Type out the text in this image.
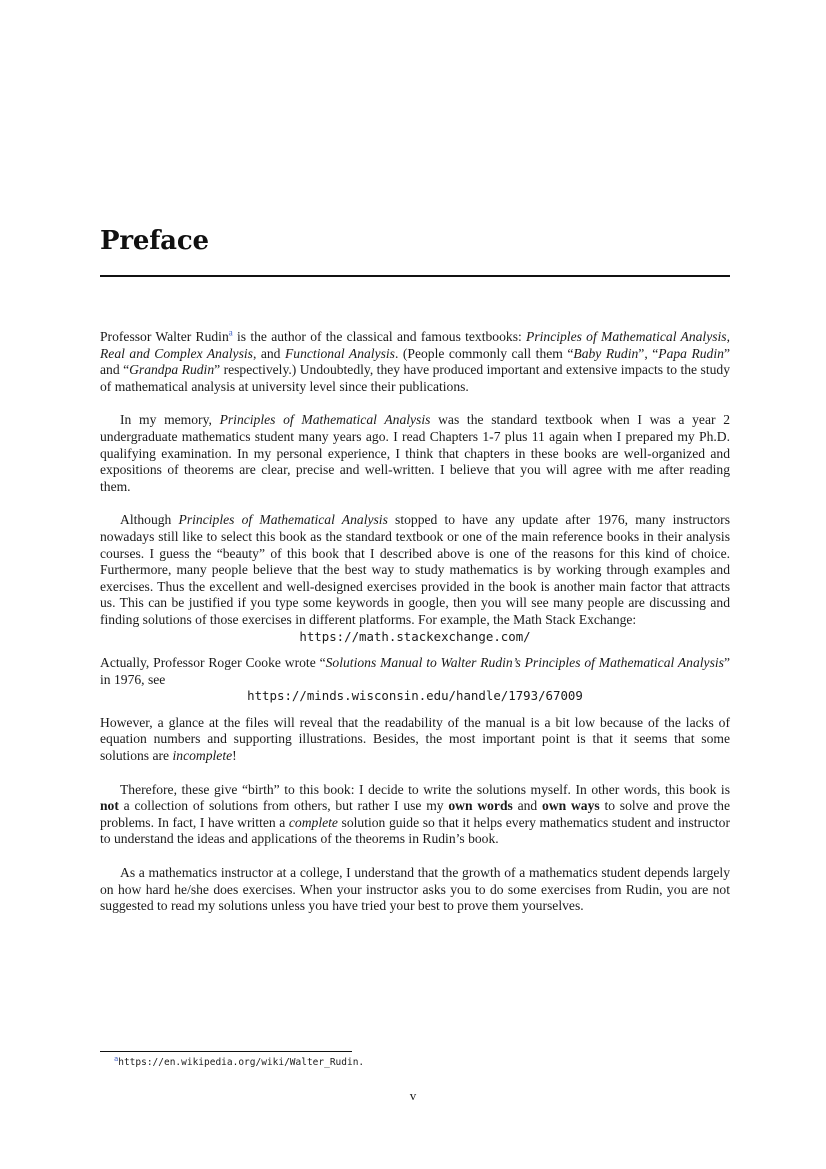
Preface

Professor Walter Rudin$^a$ is the author of the classical and famous textbooks: Principles of Mathematical Analysis, Real and Complex Analysis, and Functional Analysis. (People commonly call them “Baby Rudin”, “Papa Rudin” and “Grandpa Rudin” respectively.) Undoubtedly, they have produced important and extensive impacts to the study of mathematical analysis at university level since their publications.

In my memory, Principles of Mathematical Analysis was the standard textbook when I was a year 2 undergraduate mathematics student many years ago. I read Chapters 1-7 plus 11 again when I prepared my Ph.D. qualifying examination. In my personal experience, I think that chapters in these books are well-organized and expositions of theorems are clear, precise and well-written. I believe that you will agree with me after reading them.

Although Principles of Mathematical Analysis stopped to have any update after 1976, many instructors nowadays still like to select this book as the standard textbook or one of the main reference books in their analysis courses. I guess the “beauty” of this book that I described above is one of the reasons for this kind of choice. Furthermore, many people believe that the best way to study mathematics is by working through examples and exercises. Thus the excellent and well-designed exercises provided in the book is another main factor that attracts us. This can be justified if you type some keywords in google, then you will see many people are discussing and finding solutions of those exercises in different platforms. For example, the Math Stack Exchange:

https://math.stackexchange.com/

Actually, Professor Roger Cooke wrote “Solutions Manual to Walter Rudin’s Principles of Mathematical Analysis” in 1976, see

https://minds.wisconsin.edu/handle/1793/67009

However, a glance at the files will reveal that the readability of the manual is a bit low because of the lacks of equation numbers and supporting illustrations. Besides, the most important point is that it seems that some solutions are incomplete!

Therefore, these give “birth” to this book: I decide to write the solutions myself. In other words, this book is not a collection of solutions from others, but rather I use my own words and own ways to solve and prove the problems. In fact, I have written a complete solution guide so that it helps every mathematics student and instructor to understand the ideas and applications of the theorems in Rudin’s book.

As a mathematics instructor at a college, I understand that the growth of a mathematics student depends largely on how hard he/she does exercises. When your instructor asks you to do some exercises from Rudin, you are not suggested to read my solutions unless you have tried your best to prove them yourselves.

$^a$https://en.wikipedia.org/wiki/Walter_Rudin.
v
